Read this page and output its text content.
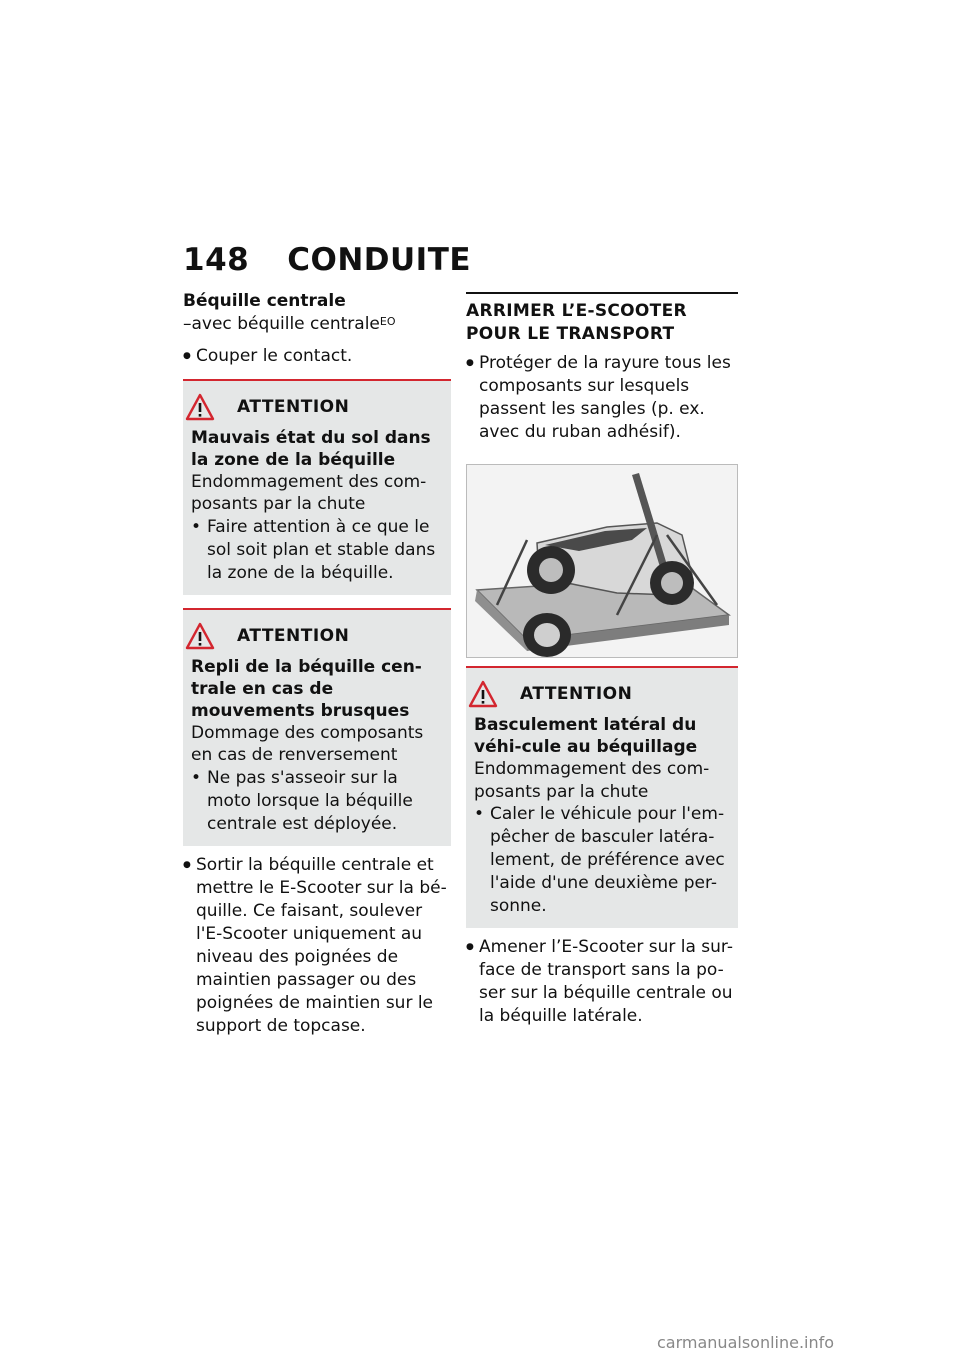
148 CONDUITE
Béquille centrale
–avec béquille centrale$^{EO}$
● Couper le contact.
ATTENTION
Mauvais état du sol dans la zone de la béquille
Endommagement des com-posants par la chute
• Faire attention à ce que le sol soit plan et stable dans la zone de la béquille.
ATTENTION
Repli de la béquille cen-trale en cas de mouvements brusques
Dommage des composants en cas de renversement
• Ne pas s'asseoir sur la moto lorsque la béquille centrale est déployée.
● Sortir la béquille centrale et mettre le E-Scooter sur la bé-quille. Ce faisant, soulever l'E-Scooter uniquement au niveau des poignées de maintien passager ou des poignées de maintien sur le support de topcase.
ARRIMER L’E-SCOOTER
POUR LE TRANSPORT
● Protéger de la rayure tous les composants sur lesquels passent les sangles (p. ex. avec du ruban adhésif).
ATTENTION
Basculement latéral du véhi-cule au béquillage
Endommagement des com-posants par la chute
• Caler le véhicule pour l'em-pêcher de basculer latéra-lement, de préférence avec l'aide d'une deuxième per-sonne.
● Amener l’E-Scooter sur la sur-face de transport sans la po-ser sur la béquille centrale ou la béquille latérale.
carmanualsonline.info
